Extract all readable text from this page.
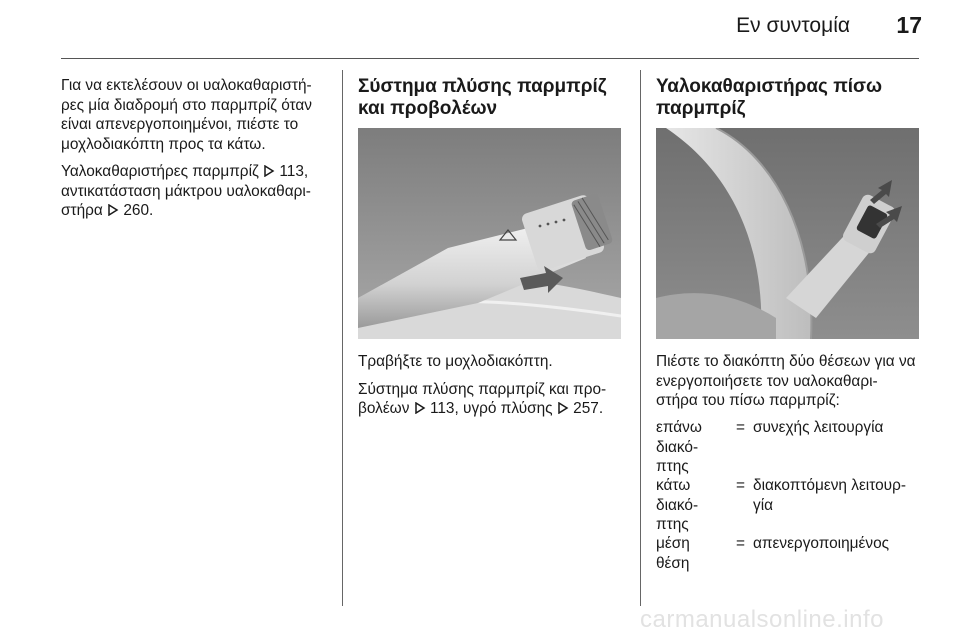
Εν συντομία	17

Για να εκτελέσουν οι υαλοκαθαριστή‐ ρες μία διαδρομή στο παρμπρίζ όταν είναι απενεργοποιημένοι, πιέστε το μοχλοδιακόπτη προς τα κάτω.

Υαλοκαθαριστήρες παρμπρίζ 113, αντικατάσταση μάκτρου υαλοκαθαρι‐ στήρα 260.

Σύστημα πλύσης παρμπρίζ και προβολέων

Τραβήξτε το μοχλοδιακόπτη.

Σύστημα πλύσης παρμπρίζ και προ‐ βολέων 113, υγρό πλύσης 257.

Υαλοκαθαριστήρας πίσω παρμπρίζ

Πιέστε το διακόπτη δύο θέσεων για να ενεργοποιήσετε τον υαλοκαθαρι‐ στήρα του πίσω παρμπρίζ:

επάνω διακό‐ πτης
= συνεχής λειτουργία
κάτω διακό‐ πτης
= διακοπτόμενη λειτουρ‐ γία
μέση θέση
= απενεργοποιημένος
carmanualsonline.info
